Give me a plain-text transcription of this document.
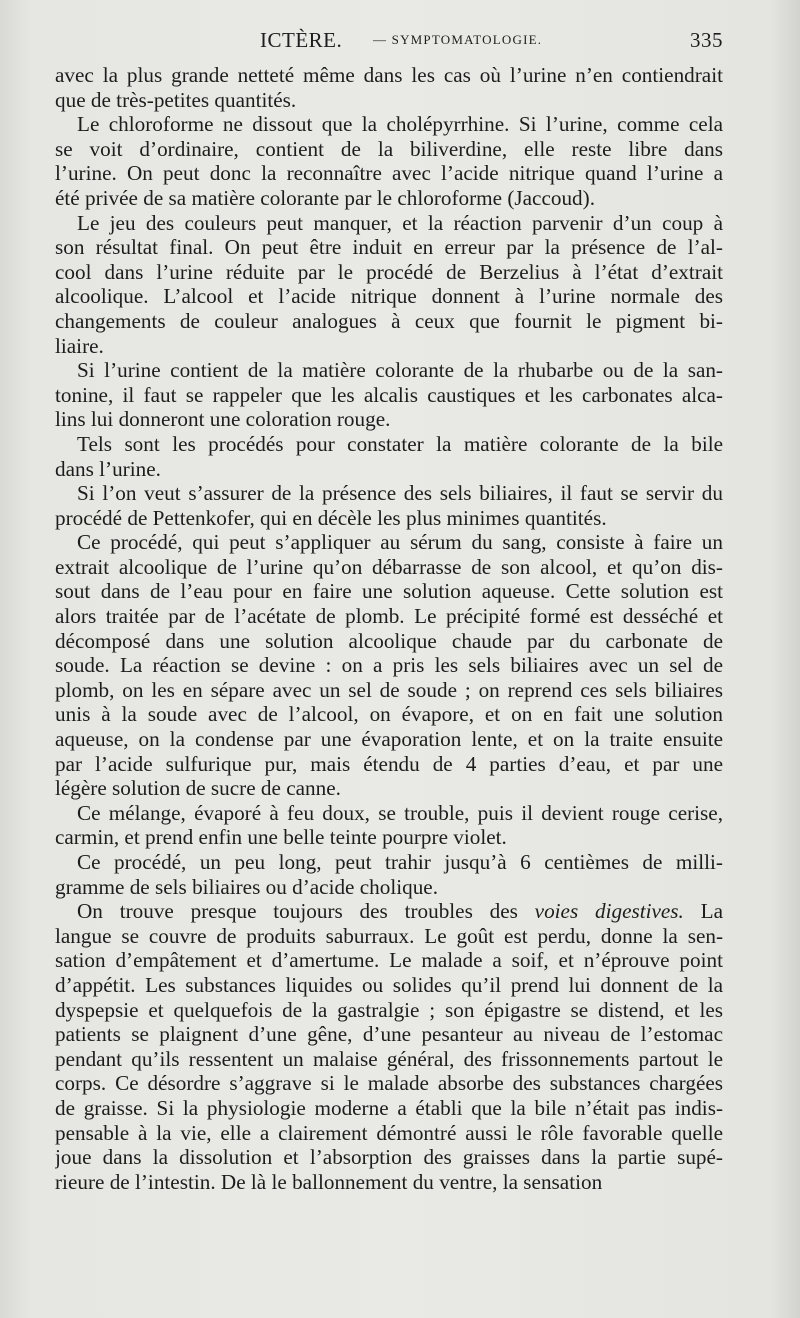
ICTÈRE. — SYMPTOMATOLOGIE.	335
avec la plus grande netteté même dans les cas où l’urine n’en contiendrait
que de très-petites quantités.
Le chloroforme ne dissout que la cholépyrrhine. Si l’urine, comme cela
se voit d’ordinaire, contient de la biliverdine, elle reste libre dans
l’urine. On peut donc la reconnaître avec l’acide nitrique quand l’urine a
été privée de sa matière colorante par le chloroforme (Jaccoud).
Le jeu des couleurs peut manquer, et la réaction parvenir d’un coup à
son résultat final. On peut être induit en erreur par la présence de l’al-
cool dans l’urine réduite par le procédé de Berzelius à l’état d’extrait
alcoolique. L’alcool et l’acide nitrique donnent à l’urine normale des
changements de couleur analogues à ceux que fournit le pigment bi-
liaire.
Si l’urine contient de la matière colorante de la rhubarbe ou de la san-
tonine, il faut se rappeler que les alcalis caustiques et les carbonates alca-
lins lui donneront une coloration rouge.
Tels sont les procédés pour constater la matière colorante de la bile
dans l’urine.
Si l’on veut s’assurer de la présence des sels biliaires, il faut se servir du
procédé de Pettenkofer, qui en décèle les plus minimes quantités.
Ce procédé, qui peut s’appliquer au sérum du sang, consiste à faire un
extrait alcoolique de l’urine qu’on débarrasse de son alcool, et qu’on dis-
sout dans de l’eau pour en faire une solution aqueuse. Cette solution est
alors traitée par de l’acétate de plomb. Le précipité formé est desséché et
décomposé dans une solution alcoolique chaude par du carbonate de
soude. La réaction se devine : on a pris les sels biliaires avec un sel de
plomb, on les en sépare avec un sel de soude ; on reprend ces sels biliaires
unis à la soude avec de l’alcool, on évapore, et on en fait une solution
aqueuse, on la condense par une évaporation lente, et on la traite ensuite
par l’acide sulfurique pur, mais étendu de 4 parties d’eau, et par une
légère solution de sucre de canne.
Ce mélange, évaporé à feu doux, se trouble, puis il devient rouge cerise,
carmin, et prend enfin une belle teinte pourpre violet.
Ce procédé, un peu long, peut trahir jusqu’à 6 centièmes de milli-
gramme de sels biliaires ou d’acide cholique.
On trouve presque toujours des troubles des voies digestives. La
langue se couvre de produits saburraux. Le goût est perdu, donne la sen-
sation d’empâtement et d’amertume. Le malade a soif, et n’éprouve point
d’appétit. Les substances liquides ou solides qu’il prend lui donnent de la
dyspepsie et quelquefois de la gastralgie ; son épigastre se distend, et les
patients se plaignent d’une gêne, d’une pesanteur au niveau de l’estomac
pendant qu’ils ressentent un malaise général, des frissonnements partout le
corps. Ce désordre s’aggrave si le malade absorbe des substances chargées
de graisse. Si la physiologie moderne a établi que la bile n’était pas indis-
pensable à la vie, elle a clairement démontré aussi le rôle favorable quelle
joue dans la dissolution et l’absorption des graisses dans la partie supé-
rieure de l’intestin. De là le ballonnement du ventre, la sensation
